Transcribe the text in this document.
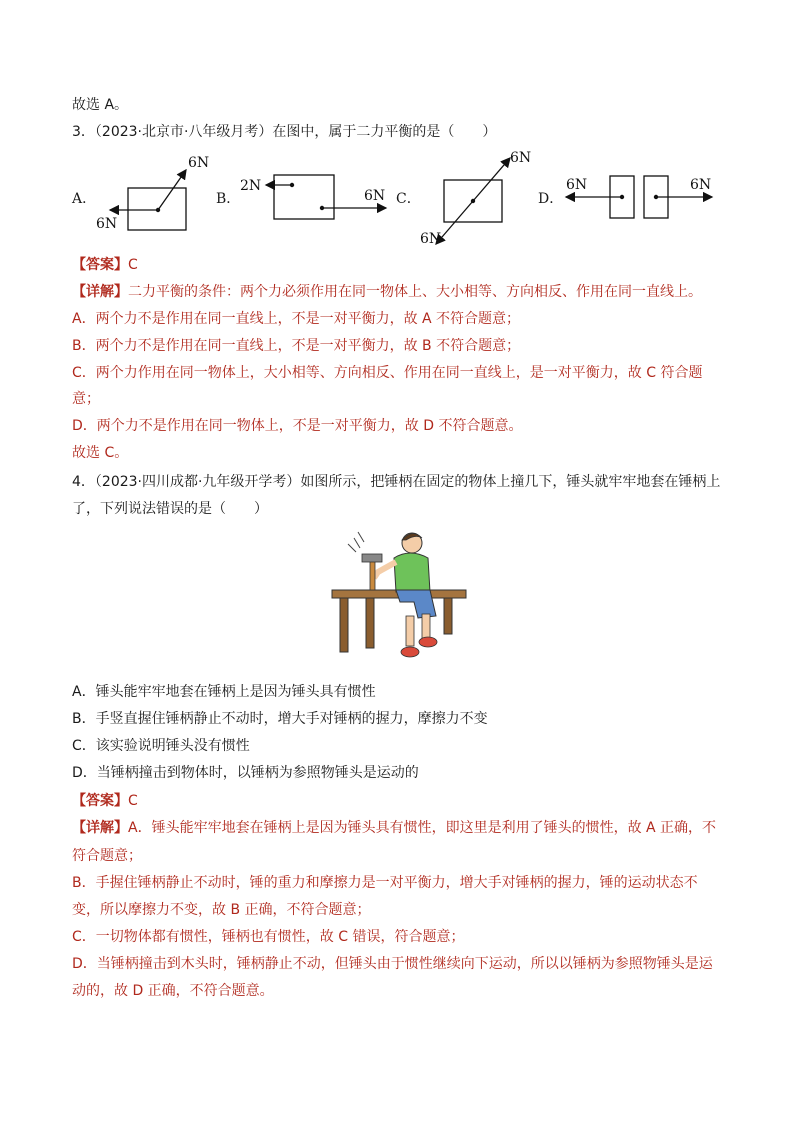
故选 A。
3．（2023·北京市·八年级月考）在图中，属于二力平衡的是（　　）
A．
6N
6N
B．
2N
6N C．
6N
6N
D．
6N	6N
【答案】C
【详解】二力平衡的条件：两个力必须作用在同一物体上、大小相等、方向相反、作用在同一直线上。
A．两个力不是作用在同一直线上，不是一对平衡力，故 A 不符合题意；
B．两个力不是作用在同一直线上，不是一对平衡力，故 B 不符合题意；
C．两个力作用在同一物体上，大小相等、方向相反、作用在同一直线上，是一对平衡力，故 C 符合题
意；
D．两个力不是作用在同一物体上，不是一对平衡力，故 D 不符合题意。
故选 C。
4．（2023·四川成都·九年级开学考）如图所示，把锤柄在固定的物体上撞几下，锤头就牢牢地套在锤柄上
了，下列说法错误的是（　　）
A．锤头能牢牢地套在锤柄上是因为锤头具有惯性
B．手竖直握住锤柄静止不动时，增大手对锤柄的握力，摩擦力不变
C．该实验说明锤头没有惯性
D．当锤柄撞击到物体时，以锤柄为参照物锤头是运动的
【答案】C
【详解】A．锤头能牢牢地套在锤柄上是因为锤头具有惯性，即这里是利用了锤头的惯性，故 A 正确，不
符合题意；
B．手握住锤柄静止不动时，锤的重力和摩擦力是一对平衡力，增大手对锤柄的握力，锤的运动状态不
变，所以摩擦力不变，故 B 正确，不符合题意；
C．一切物体都有惯性，锤柄也有惯性，故 C 错误，符合题意；
D．当锤柄撞击到木头时，锤柄静止不动，但锤头由于惯性继续向下运动，所以以锤柄为参照物锤头是运
动的，故 D 正确，不符合题意。
